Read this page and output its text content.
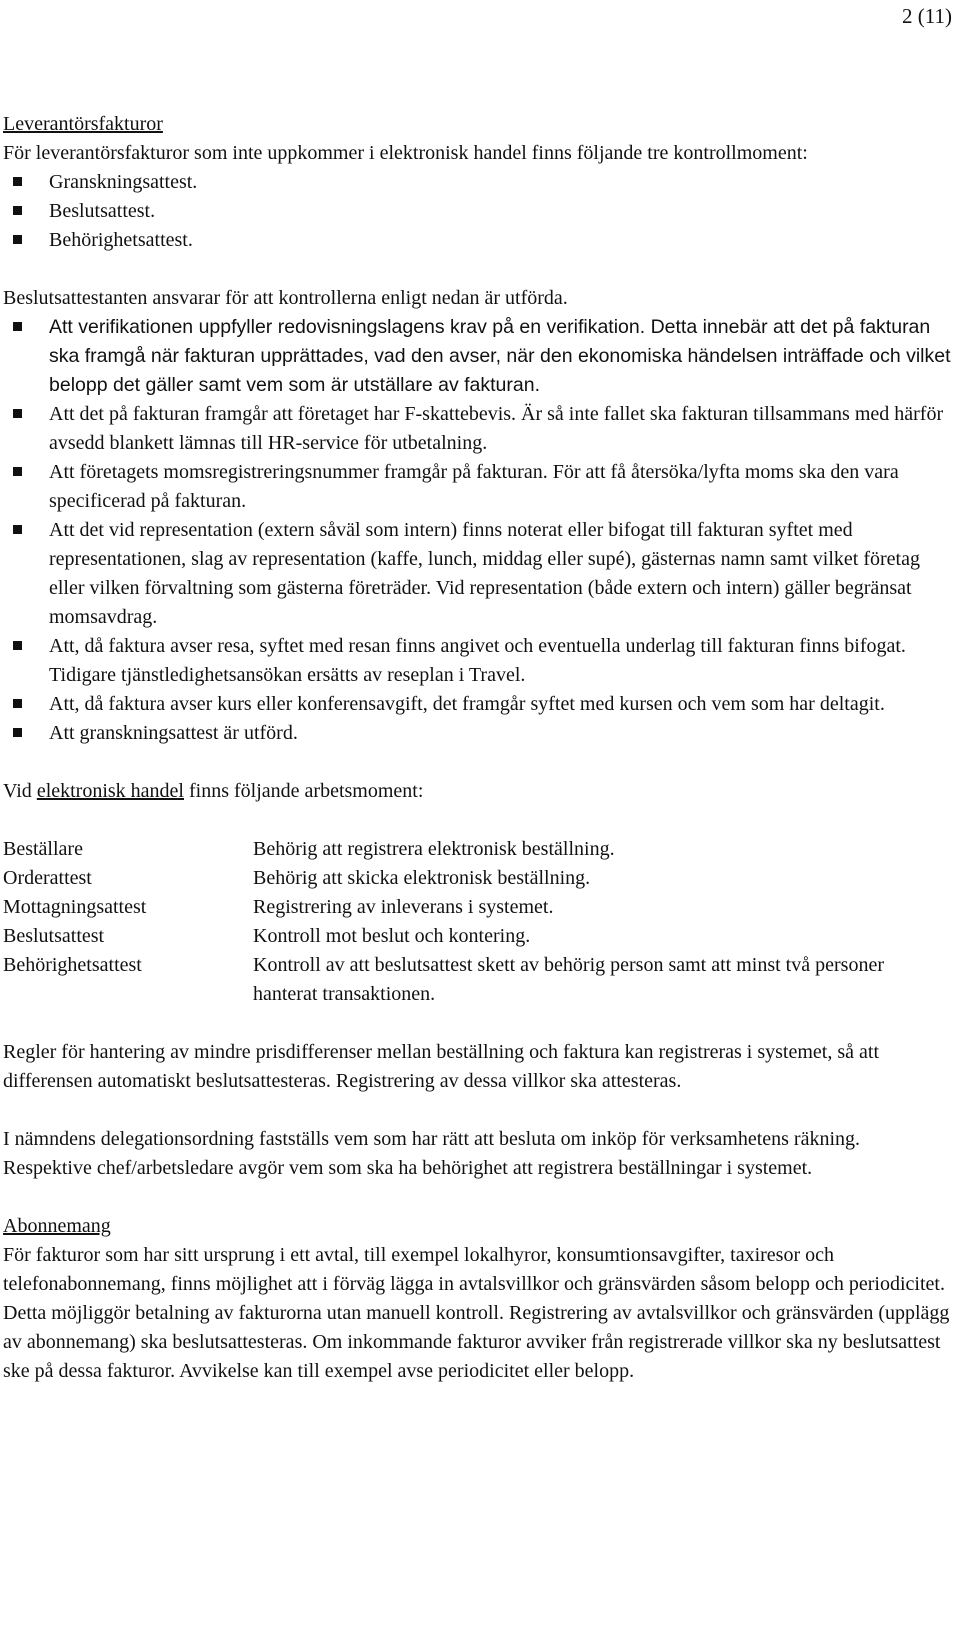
2 (11)

Leverantörsfakturor

För leverantörsfakturor som inte uppkommer i elektronisk handel finns följande tre kontrollmoment:

Granskningsattest.
Beslutsattest.
Behörighetsattest.

Beslutsattestanten ansvarar för att kontrollerna enligt nedan är utförda.

Att verifikationen uppfyller redovisningslagens krav på en verifikation. Detta innebär att det på fakturan ska framgå när fakturan upprättades, vad den avser, när den ekonomiska händelsen inträffade och vilket belopp det gäller samt vem som är utställare av fakturan.
Att det på fakturan framgår att företaget har F-skattebevis. Är så inte fallet ska fakturan tillsammans med härför avsedd blankett lämnas till HR-service för utbetalning.
Att företagets momsregistreringsnummer framgår på fakturan. För att få återsöka/lyfta moms ska den vara specificerad på fakturan.
Att det vid representation (extern såväl som intern) finns noterat eller bifogat till fakturan syftet med representationen, slag av representation (kaffe, lunch, middag eller supé), gästernas namn samt vilket företag eller vilken förvaltning som gästerna företräder. Vid representation (både extern och intern) gäller begränsat momsavdrag.
Att, då faktura avser resa, syftet med resan finns angivet och eventuella underlag till fakturan finns bifogat. Tidigare tjänstledighetsansökan ersätts av reseplan i Travel.
Att, då faktura avser kurs eller konferensavgift, det framgår syftet med kursen och vem som har deltagit.
Att granskningsattest är utförd.

Vid elektronisk handel finns följande arbetsmoment:

Beställare	Behörig att registrera elektronisk beställning.

Orderattest	Behörig att skicka elektronisk beställning.

Mottagningsattest	Registrering av inleverans i systemet.

Beslutsattest	Kontroll mot beslut och kontering.

Behörighetsattest	Kontroll av att beslutsattest skett av behörig person samt att minst två personer hanterat transaktionen.

Regler för hantering av mindre prisdifferenser mellan beställning och faktura kan registreras i systemet, så att differensen automatiskt beslutsattesteras. Registrering av dessa villkor ska attesteras.

I nämndens delegationsordning fastställs vem som har rätt att besluta om inköp för verksamhetens räkning. Respektive chef/arbetsledare avgör vem som ska ha behörighet att registrera beställningar i systemet.

Abonnemang

För fakturor som har sitt ursprung i ett avtal, till exempel lokalhyror, konsumtionsavgifter, taxiresor och telefonabonnemang, finns möjlighet att i förväg lägga in avtalsvillkor och gränsvärden såsom belopp och periodicitet. Detta möjliggör betalning av fakturorna utan manuell kontroll. Registrering av avtalsvillkor och gränsvärden (upplägg av abonnemang) ska beslutsattesteras. Om inkommande fakturor avviker från registrerade villkor ska ny beslutsattest ske på dessa fakturor. Avvikelse kan till exempel avse periodicitet eller belopp.
